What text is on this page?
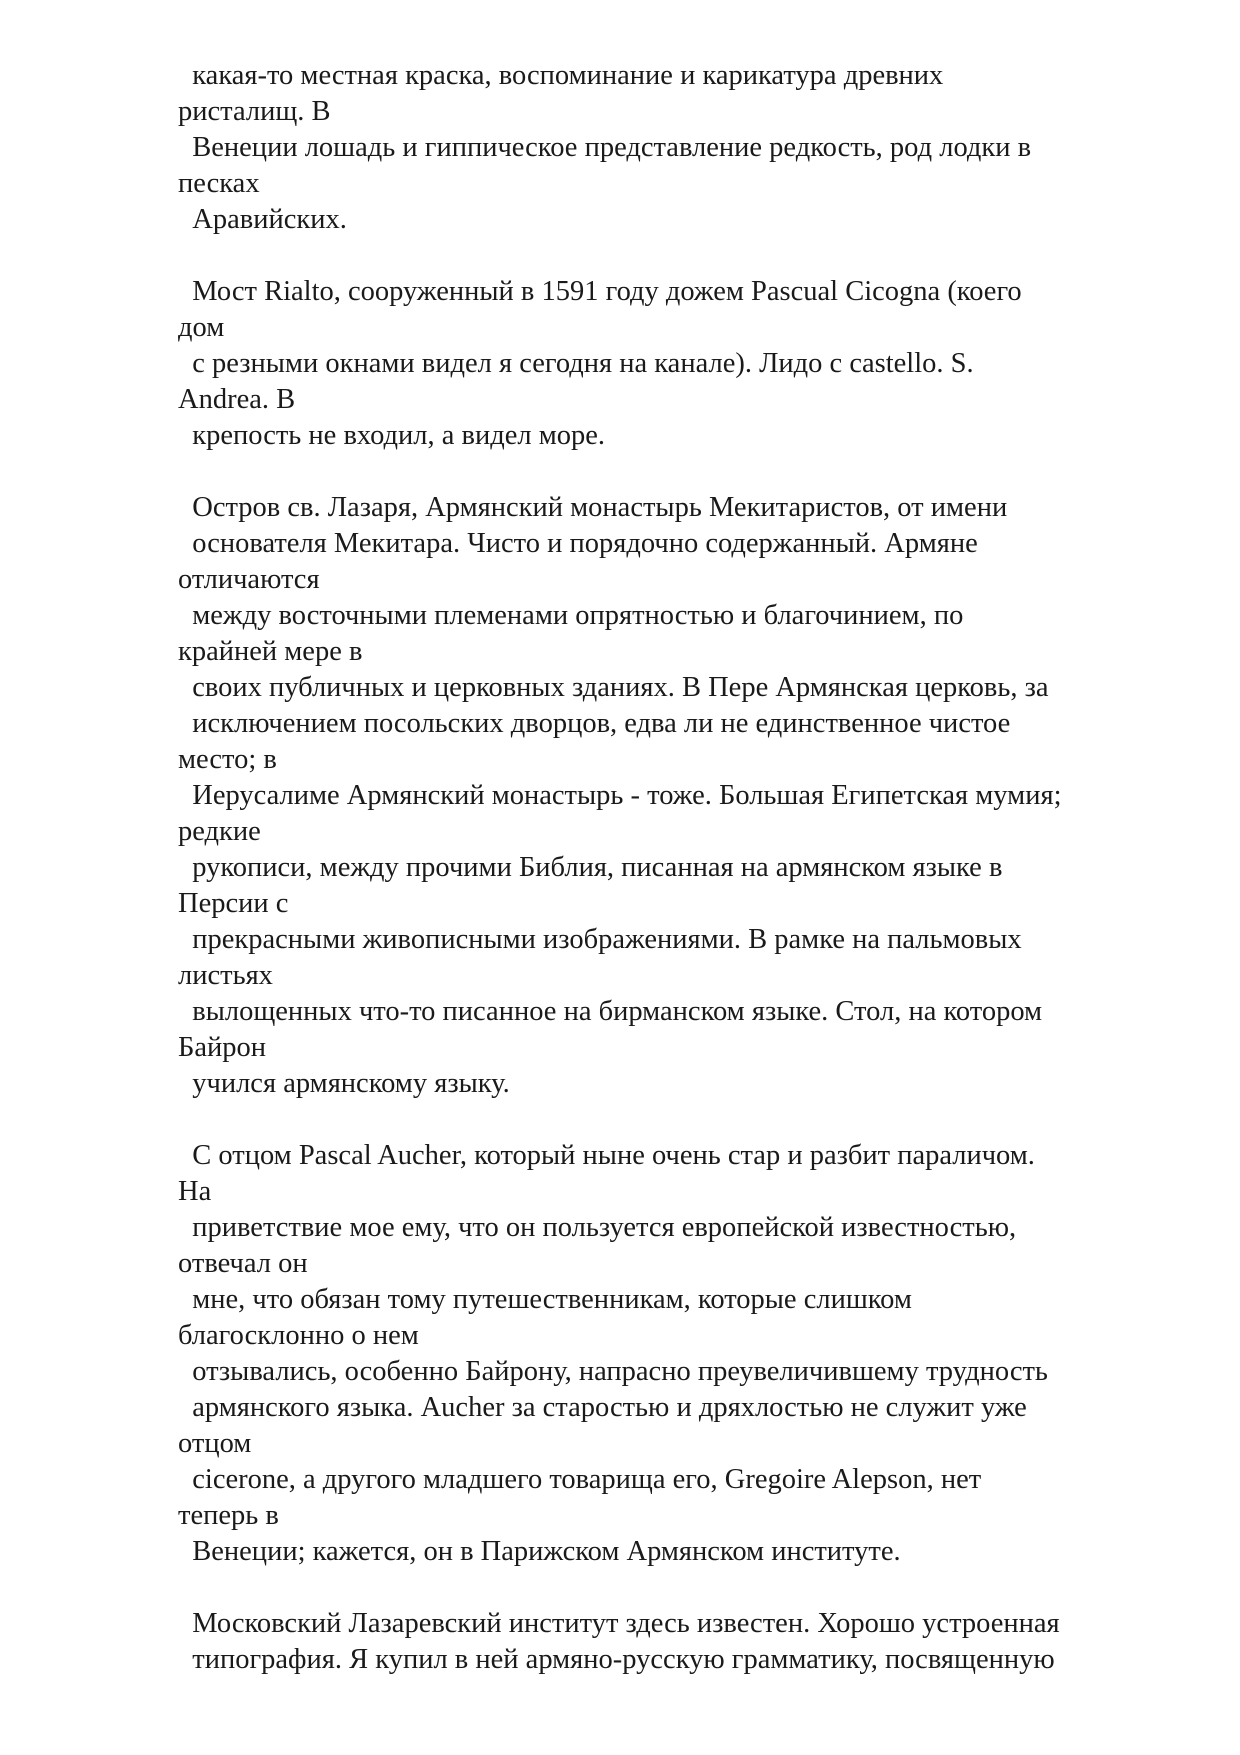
какая-то местная краска, воспоминание и карикатура древних
ристалищ. В
Венеции лошадь и гиппическое представление редкость, род лодки в
песках
Аравийских.
Мост Rialto, сооруженный в 1591 году дожем Pascual Cicogna (коего
дом
с резными окнами видел я сегодня на канале). Лидо с castello. S.
Andrea. В
крепость не входил, а видел море.
Остров св. Лазаря, Армянский монастырь Мекитаристов, от имени
основателя Мекитара. Чисто и порядочно содержанный. Армяне
отличаются
между восточными племенами опрятностью и благочинием, по
крайней мере в
своих публичных и церковных зданиях. В Пере Армянская церковь, за
исключением посольских дворцов, едва ли не единственное чистое
место; в
Иерусалиме Армянский монастырь - тоже. Большая Египетская мумия;
редкие
рукописи, между прочими Библия, писанная на армянском языке в
Персии с
прекрасными живописными изображениями. В рамке на пальмовых
листьях
вылощенных что-то писанное на бирманском языке. Стол, на котором
Байрон
учился армянскому языку.
С отцом Pascal Aucher, который ныне очень стар и разбит параличом.
На
приветствие мое ему, что он пользуется европейской известностью,
отвечал он
мне, что обязан тому путешественникам, которые слишком
благосклонно о нем
отзывались, особенно Байрону, напрасно преувеличившему трудность
армянского языка. Aucher за старостью и дряхлостью не служит уже
отцом
cicerone, а другого младшего товарища его, Gregoire Alepson, нет
теперь в
Венеции; кажется, он в Парижском Армянском институте.
Московский Лазаревский институт здесь известен. Хорошо устроенная
типография. Я купил в ней армяно-русскую грамматику, посвященную
